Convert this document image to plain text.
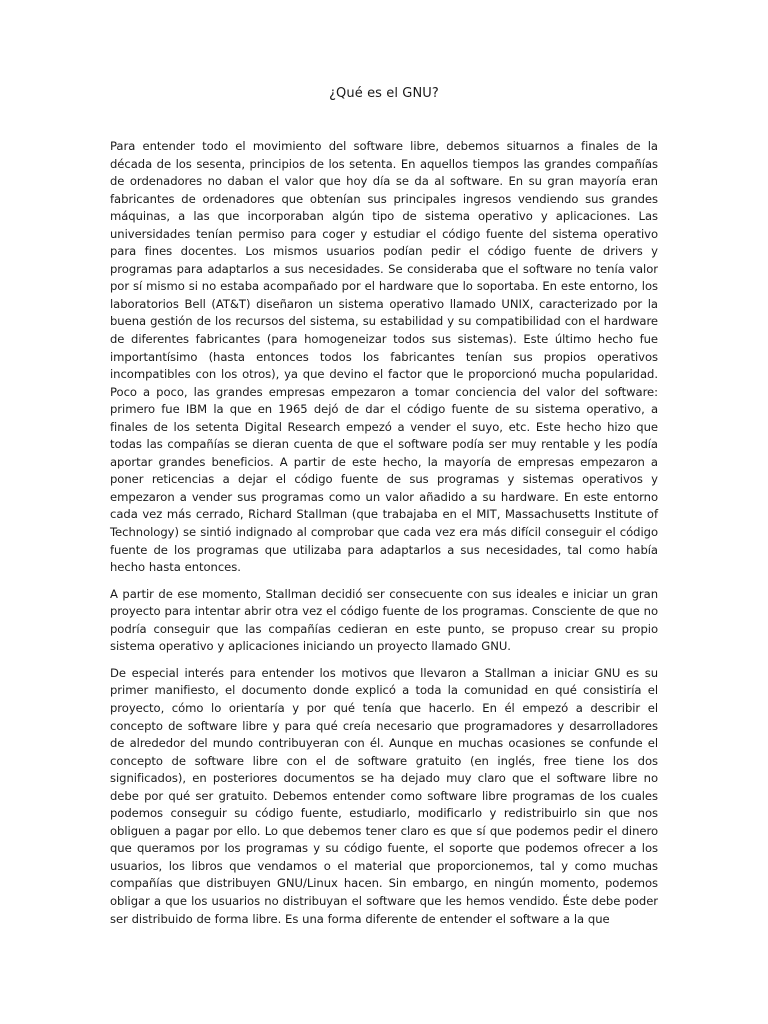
¿Qué es el GNU?

Para entender todo el movimiento del software libre, debemos situarnos a finales de la década de los sesenta, principios de los setenta. En aquellos tiempos las grandes compañías de ordenadores no daban el valor que hoy día se da al software. En su gran mayoría eran fabricantes de ordenadores que obtenían sus principales ingresos vendiendo sus grandes máquinas, a las que incorporaban algún tipo de sistema operativo y aplicaciones. Las universidades tenían permiso para coger y estudiar el código fuente del sistema operativo para fines docentes. Los mismos usuarios podían pedir el código fuente de drivers y programas para adaptarlos a sus necesidades. Se consideraba que el software no tenía valor por sí mismo si no estaba acompañado por el hardware que lo soportaba. En este entorno, los laboratorios Bell (AT&T) diseñaron un sistema operativo llamado UNIX, caracterizado por la buena gestión de los recursos del sistema, su estabilidad y su compatibilidad con el hardware de diferentes fabricantes (para homogeneizar todos sus sistemas). Este último hecho fue importantísimo (hasta entonces todos los fabricantes tenían sus propios operativos incompatibles con los otros), ya que devino el factor que le proporcionó mucha popularidad. Poco a poco, las grandes empresas empezaron a tomar conciencia del valor del software: primero fue IBM la que en 1965 dejó de dar el código fuente de su sistema operativo, a finales de los setenta Digital Research empezó a vender el suyo, etc. Este hecho hizo que todas las compañías se dieran cuenta de que el software podía ser muy rentable y les podía aportar grandes beneficios. A partir de este hecho, la mayoría de empresas empezaron a poner reticencias a dejar el código fuente de sus programas y sistemas operativos y empezaron a vender sus programas como un valor añadido a su hardware. En este entorno cada vez más cerrado, Richard Stallman (que trabajaba en el MIT, Massachusetts Institute of Technology) se sintió indignado al comprobar que cada vez era más difícil conseguir el código fuente de los programas que utilizaba para adaptarlos a sus necesidades, tal como había hecho hasta entonces.

A partir de ese momento, Stallman decidió ser consecuente con sus ideales e iniciar un gran proyecto para intentar abrir otra vez el código fuente de los programas. Consciente de que no podría conseguir que las compañías cedieran en este punto, se propuso crear su propio sistema operativo y aplicaciones iniciando un proyecto llamado GNU.

De especial interés para entender los motivos que llevaron a Stallman a iniciar GNU es su primer manifiesto, el documento donde explicó a toda la comunidad en qué consistiría el proyecto, cómo lo orientaría y por qué tenía que hacerlo. En él empezó a describir el concepto de software libre y para qué creía necesario que programadores y desarrolladores de alrededor del mundo contribuyeran con él. Aunque en muchas ocasiones se confunde el concepto de software libre con el de software gratuito (en inglés, free tiene los dos significados), en posteriores documentos se ha dejado muy claro que el software libre no debe por qué ser gratuito. Debemos entender como software libre programas de los cuales podemos conseguir su código fuente, estudiarlo, modificarlo y redistribuirlo sin que nos obliguen a pagar por ello. Lo que debemos tener claro es que sí que podemos pedir el dinero que queramos por los programas y su código fuente, el soporte que podemos ofrecer a los usuarios, los libros que vendamos o el material que proporcionemos, tal y como muchas compañías que distribuyen GNU/Linux hacen. Sin embargo, en ningún momento, podemos obligar a que los usuarios no distribuyan el software que les hemos vendido. Éste debe poder ser distribuido de forma libre. Es una forma diferente de entender el software a la que
